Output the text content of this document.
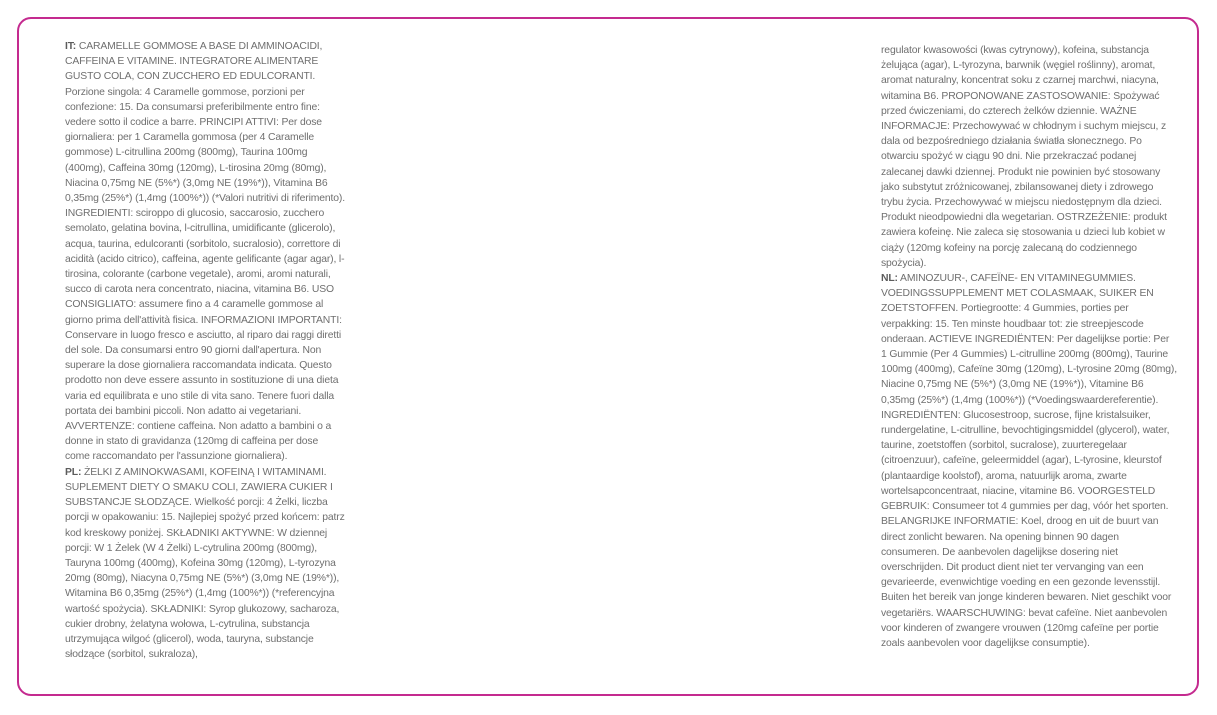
IT: CARAMELLE GOMMOSE A BASE DI AMMINOACIDI, CAFFEINA E VITAMINE. INTEGRATORE ALIMENTARE GUSTO COLA, CON ZUCCHERO ED EDULCORANTI. Porzione singola: 4 Caramelle gommose, porzioni per confezione: 15. Da consumarsi preferibilmente entro fine: vedere sotto il codice a barre. PRINCIPI ATTIVI: Per dose giornaliera: per 1 Caramella gommosa (per 4 Caramelle gommose) L-citrullina 200mg (800mg), Taurina 100mg (400mg), Caffeina 30mg (120mg), L-tirosina 20mg (80mg), Niacina 0,75mg NE (5%*) (3,0mg NE (19%*)), Vitamina B6 0,35mg (25%*) (1,4mg (100%*)) (*Valori nutritivi di riferimento). INGREDIENTI: sciroppo di glucosio, saccarosio, zucchero semolato, gelatina bovina, l-citrullina, umidificante (glicerolo), acqua, taurina, edulcoranti (sorbitolo, sucralosio), correttore di acidità (acido citrico), caffeina, agente gelificante (agar agar), l-tirosina, colorante (carbone vegetale), aromi, aromi naturali, succo di carota nera concentrato, niacina, vitamina B6. USO CONSIGLIATO: assumere fino a 4 caramelle gommose al giorno prima dell'attività fisica. INFORMAZIONI IMPORTANTI: Conservare in luogo fresco e asciutto, al riparo dai raggi diretti del sole. Da consumarsi entro 90 giorni dall'apertura. Non superare la dose giornaliera raccomandata indicata. Questo prodotto non deve essere assunto in sostituzione di una dieta varia ed equilibrata e uno stile di vita sano. Tenere fuori dalla portata dei bambini piccoli. Non adatto ai vegetariani. AVVERTENZE: contiene caffeina. Non adatto a bambini o a donne in stato di gravidanza (120mg di caffeina per dose come raccomandato per l'assunzione giornaliera).

PL: ŻELKI Z AMINOKWASAMI, KOFEINĄ I WITAMINAMI. SUPLEMENT DIETY O SMAKU COLI, ZAWIERA CUKIER I SUBSTANCJE SŁODZĄCE. Wielkość porcji: 4 Żelki, liczba porcji w opakowaniu: 15. Najlepiej spożyć przed końcem: patrz kod kreskowy poniżej. SKŁADNIKI AKTYWNE: W dziennej porcji: W 1 Żelek (W 4 Żelki) L-cytrulina 200mg (800mg), Tauryna 100mg (400mg), Kofeina 30mg (120mg), L-tyrozyna 20mg (80mg), Niacyna 0,75mg NE (5%*) (3,0mg NE (19%*)), Witamina B6 0,35mg (25%*) (1,4mg (100%*)) (*referencyjna wartość spożycia). SKŁADNIKI: Syrop glukozowy, sacharoza, cukier drobny, żelatyna wołowa, L-cytrulina, substancja utrzymująca wilgoć (glicerol), woda, tauryna, substancje słodzące (sorbitol, sukraloza),

regulator kwasowości (kwas cytrynowy), kofeina, substancja żelująca (agar), L-tyrozyna, barwnik (węgiel roślinny), aromat, aromat naturalny, koncentrat soku z czarnej marchwi, niacyna, witamina B6. PROPONOWANE ZASTOSOWANIE: Spożywać przed ćwiczeniami, do czterech żelków dziennie. WAŻNE INFORMACJE: Przechowywać w chłodnym i suchym miejscu, z dala od bezpośredniego działania światła słonecznego. Po otwarciu spożyć w ciągu 90 dni. Nie przekraczać podanej zalecanej dawki dziennej. Produkt nie powinien być stosowany jako substytut zróżnicowanej, zbilansowanej diety i zdrowego trybu życia. Przechowywać w miejscu niedostępnym dla dzieci. Produkt nieodpowiedni dla wegetarian. OSTRZEŻENIE: produkt zawiera kofeinę. Nie zaleca się stosowania u dzieci lub kobiet w ciąży (120mg kofeiny na porcję zalecaną do codziennego spożycia).

NL: AMINOZUUR-, CAFEÏNE- EN VITAMINEGUMMIES. VOEDINGSSUPPLEMENT MET COLASMAAK, SUIKER EN ZOETSTOFFEN. Portiegrootte: 4 Gummies, porties per verpakking: 15. Ten minste houdbaar tot: zie streepjescode onderaan. ACTIEVE INGREDIËNTEN: Per dagelijkse portie: Per 1 Gummie (Per 4 Gummies) L-citrulline 200mg (800mg), Taurine 100mg (400mg), Cafeïne 30mg (120mg), L-tyrosine 20mg (80mg), Niacine 0,75mg NE (5%*) (3,0mg NE (19%*)), Vitamine B6 0,35mg (25%*) (1,4mg (100%*)) (*Voedingswaardereferentie). INGREDIËNTEN: Glucosestroop, sucrose, fijne kristalsuiker, rundergelatine, L-citrulline, bevochtigingsmiddel (glycerol), water, taurine, zoetstoffen (sorbitol, sucralose), zuurteregelaar (citroenzuur), cafeïne, geleermiddel (agar), L-tyrosine, kleurstof (plantaardige koolstof), aroma, natuurlijk aroma, zwarte wortelsapconcentraat, niacine, vitamine B6. VOORGESTELD GEBRUIK: Consumeer tot 4 gummies per dag, vóór het sporten. BELANGRIJKE INFORMATIE: Koel, droog en uit de buurt van direct zonlicht bewaren. Na opening binnen 90 dagen consumeren. De aanbevolen dagelijkse dosering niet overschrijden. Dit product dient niet ter vervanging van een gevarieerde, evenwichtige voeding en een gezonde levensstijl. Buiten het bereik van jonge kinderen bewaren. Niet geschikt voor vegetariërs. WAARSCHUWING: bevat cafeïne. Niet aanbevolen voor kinderen of zwangere vrouwen (120mg cafeïne per portie zoals aanbevolen voor dagelijkse consumptie).
